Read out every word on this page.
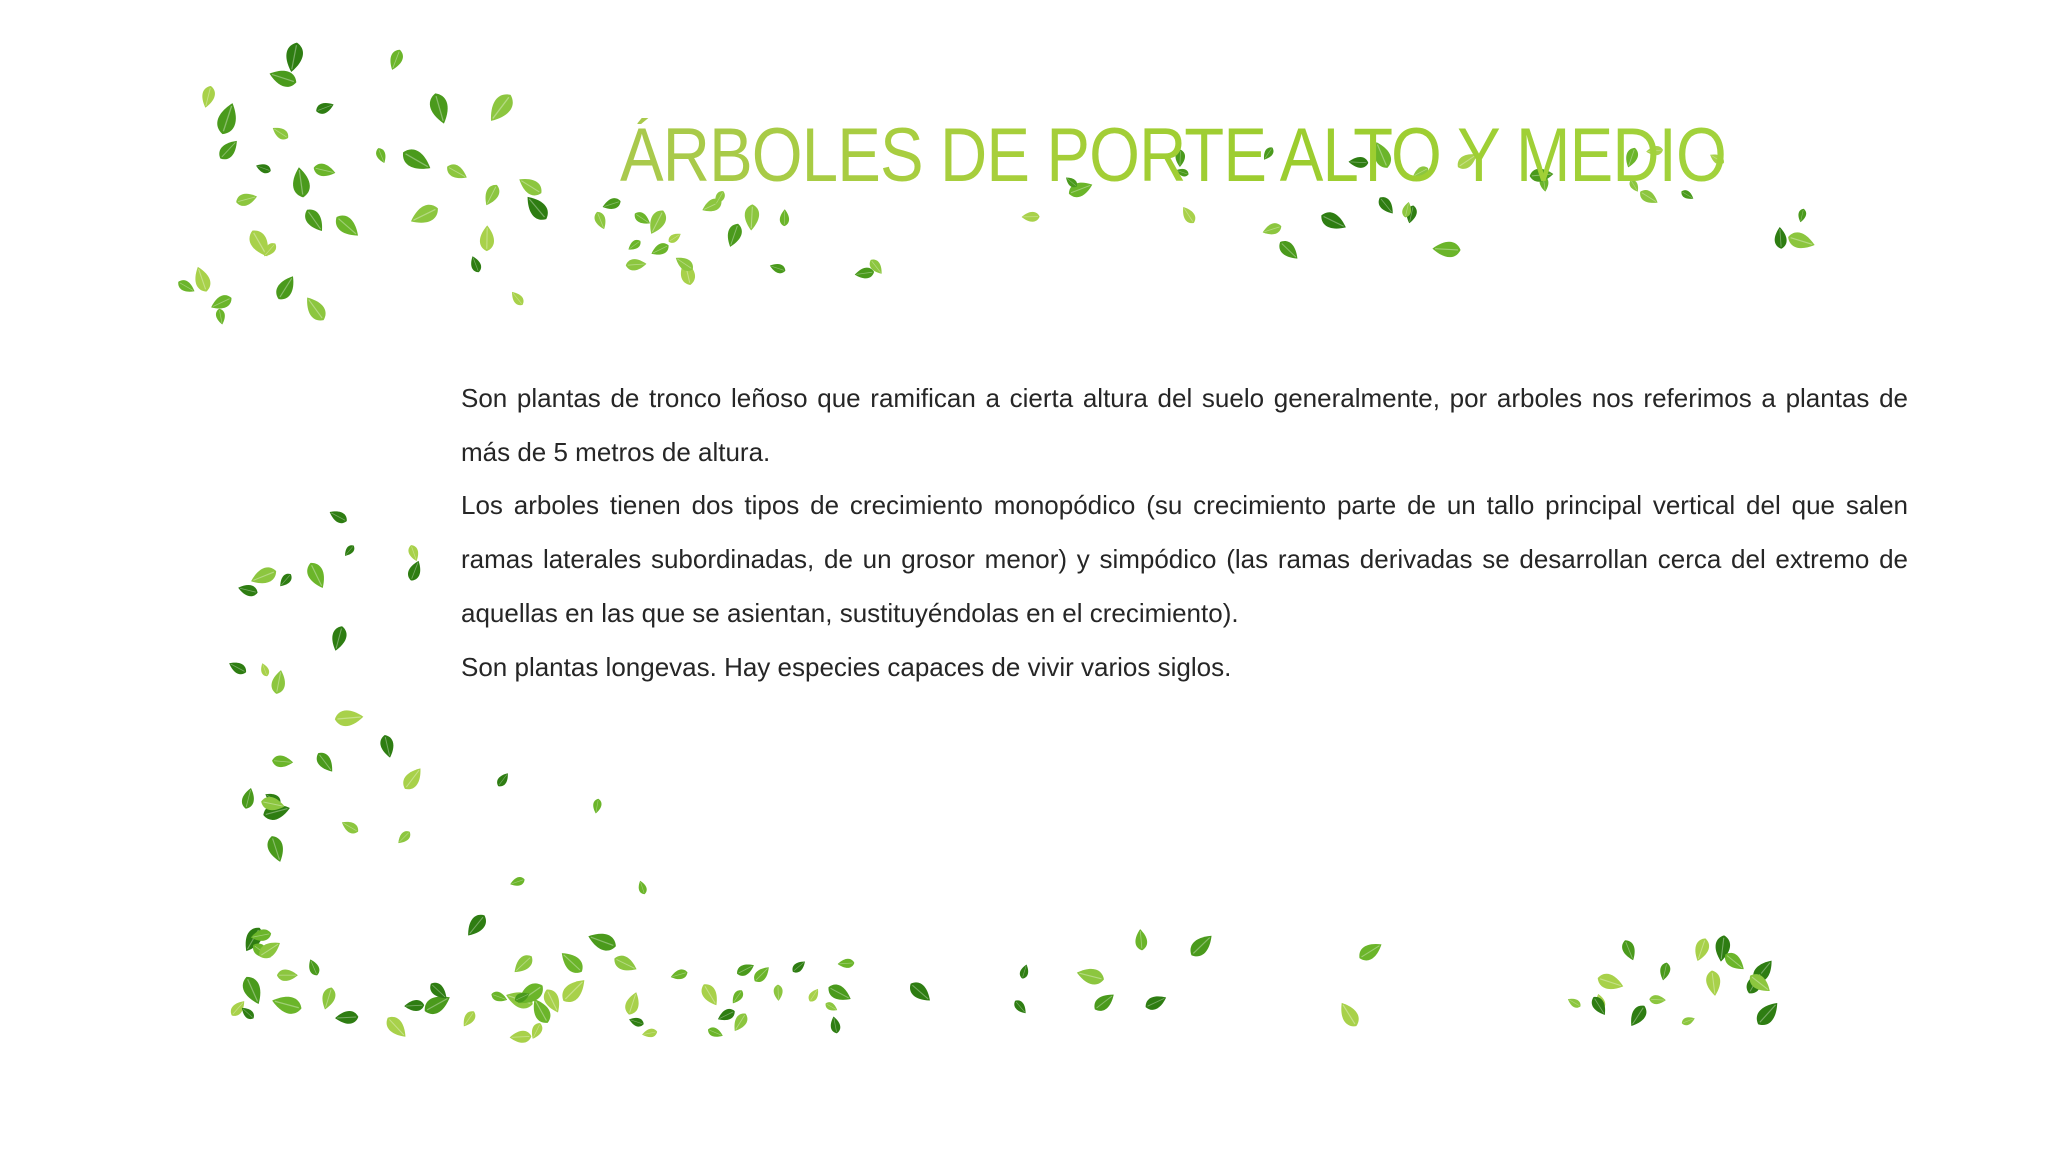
ÁRBOLES DE PORTE ALTO Y MEDIO

Son plantas de tronco leñoso que ramifican a cierta altura del suelo generalmente, por arboles nos referimos a plantas de más de 5 metros de altura.

Los arboles tienen dos tipos de crecimiento monopódico (su crecimiento parte de un tallo principal vertical del que salen ramas laterales subordinadas, de un grosor menor) y simpódico (las ramas derivadas se desarrollan cerca del extremo de aquellas en las que se asientan, sustituyéndolas en el crecimiento).

Son plantas longevas. Hay especies capaces de vivir varios siglos.
